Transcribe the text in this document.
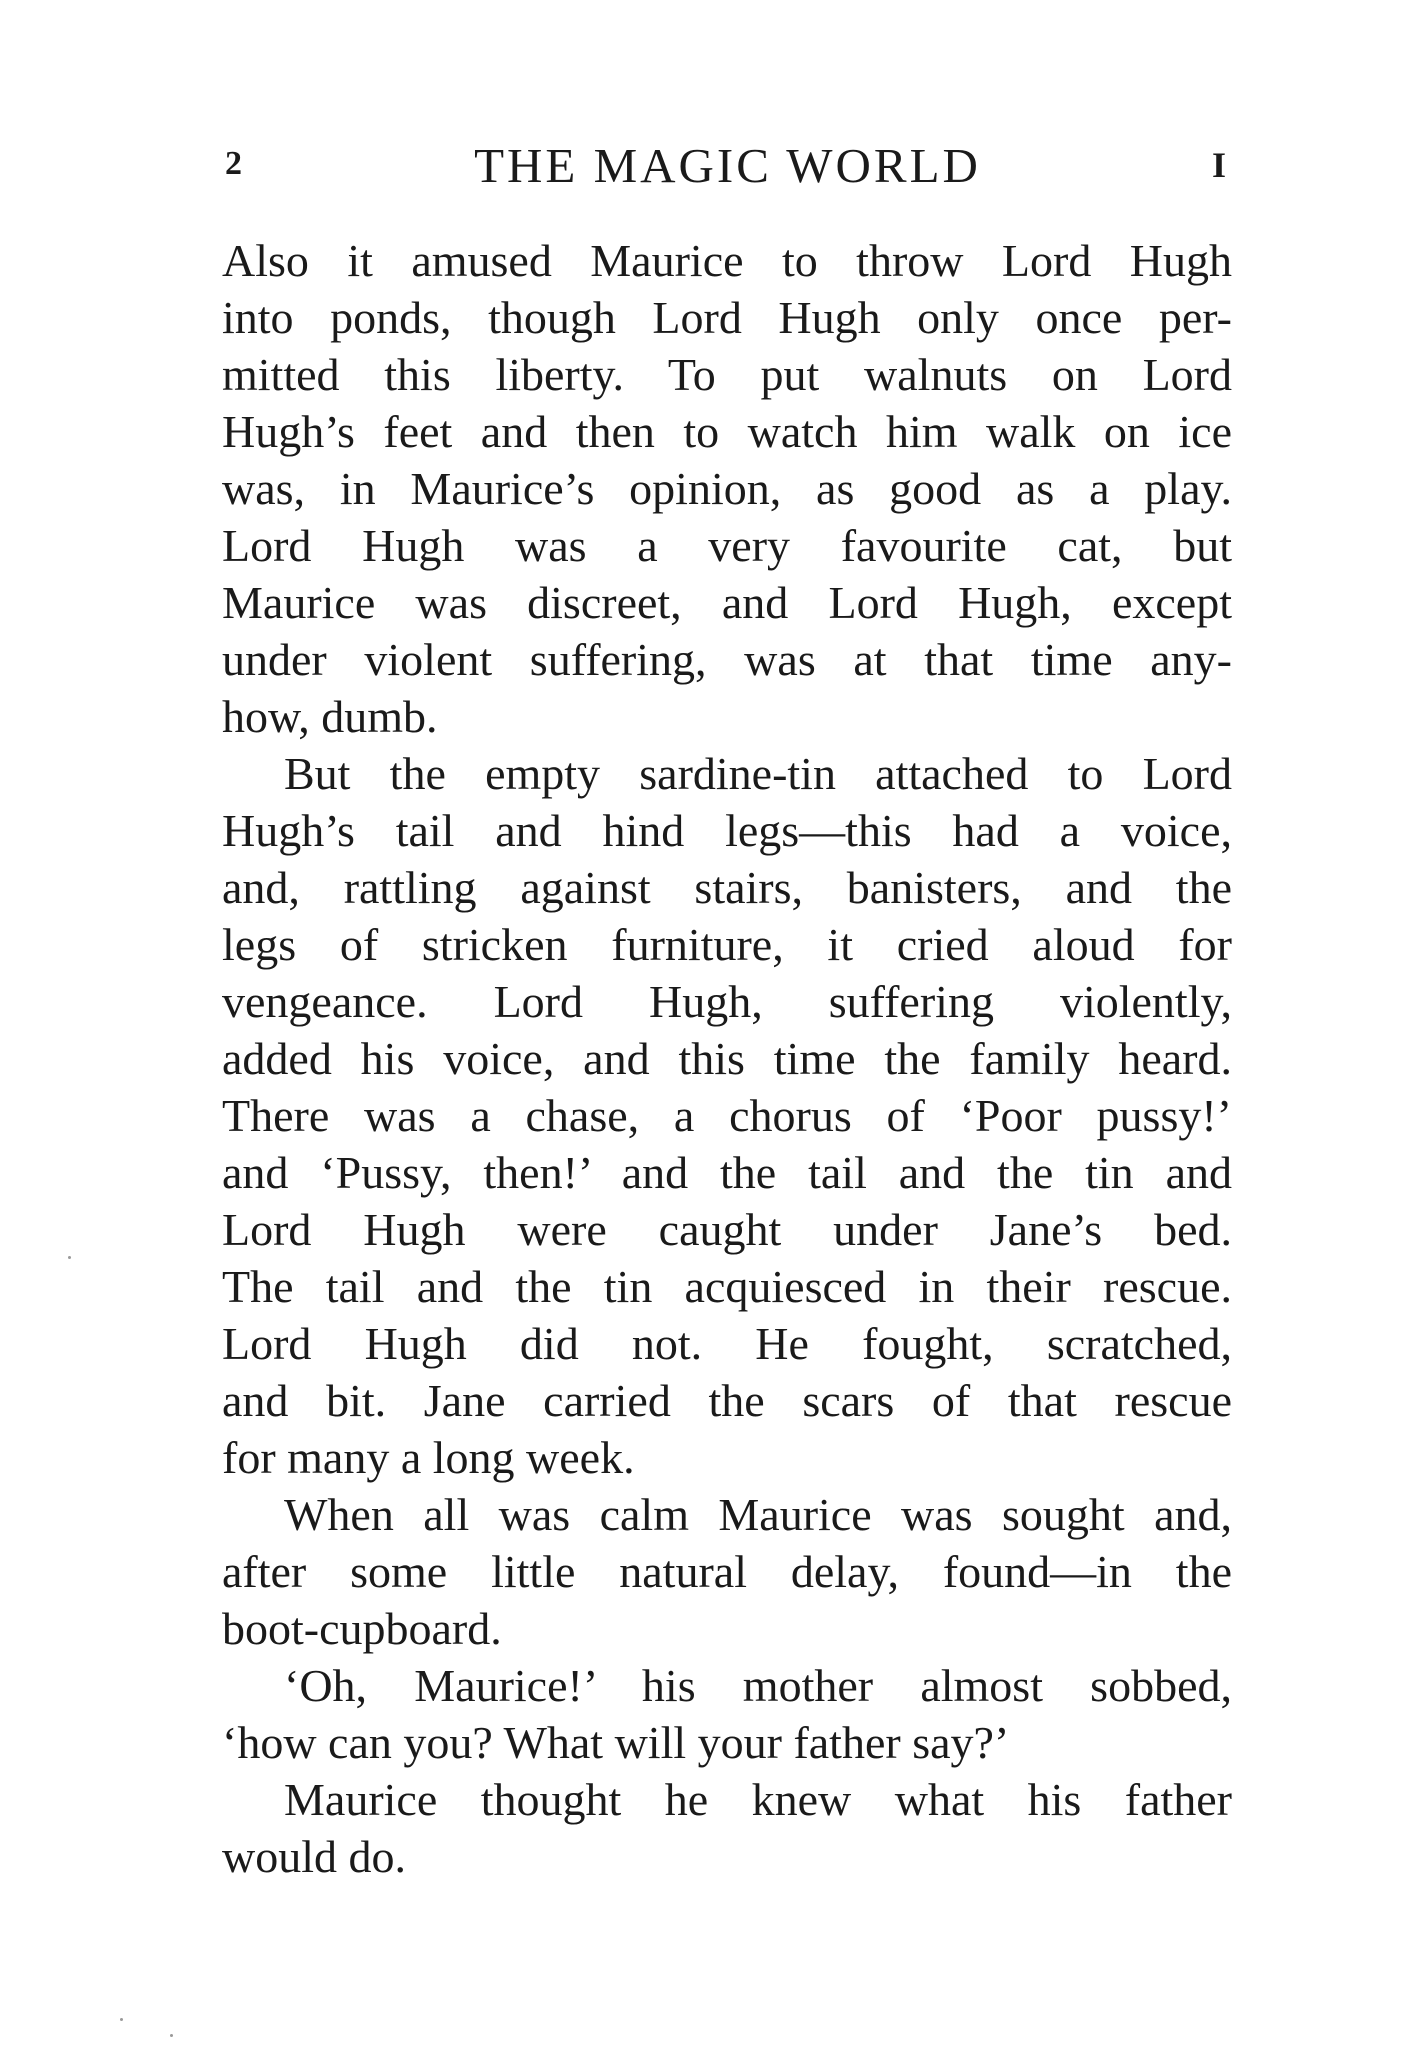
2	THE MAGIC WORLD	I
Also it amused Maurice to throw Lord Hugh
into ponds, though Lord Hugh only once per-
mitted this liberty. To put walnuts on Lord
Hugh’s feet and then to watch him walk on ice
was, in Maurice’s opinion, as good as a play.
Lord Hugh was a very favourite cat, but
Maurice was discreet, and Lord Hugh, except
under violent suffering, was at that time any-
how, dumb.
But the empty sardine-tin attached to Lord
Hugh’s tail and hind legs—this had a voice,
and, rattling against stairs, banisters, and the
legs of stricken furniture, it cried aloud for
vengeance. Lord Hugh, suffering violently,
added his voice, and this time the family heard.
There was a chase, a chorus of ‘Poor pussy!’
and ‘Pussy, then!’ and the tail and the tin and
Lord Hugh were caught under Jane’s bed.
The tail and the tin acquiesced in their rescue.
Lord Hugh did not. He fought, scratched,
and bit. Jane carried the scars of that rescue
for many a long week.
When all was calm Maurice was sought and,
after some little natural delay, found—in the
boot-cupboard.
‘Oh, Maurice!’ his mother almost sobbed,
‘how can you? What will your father say?’
Maurice thought he knew what his father
would do.
